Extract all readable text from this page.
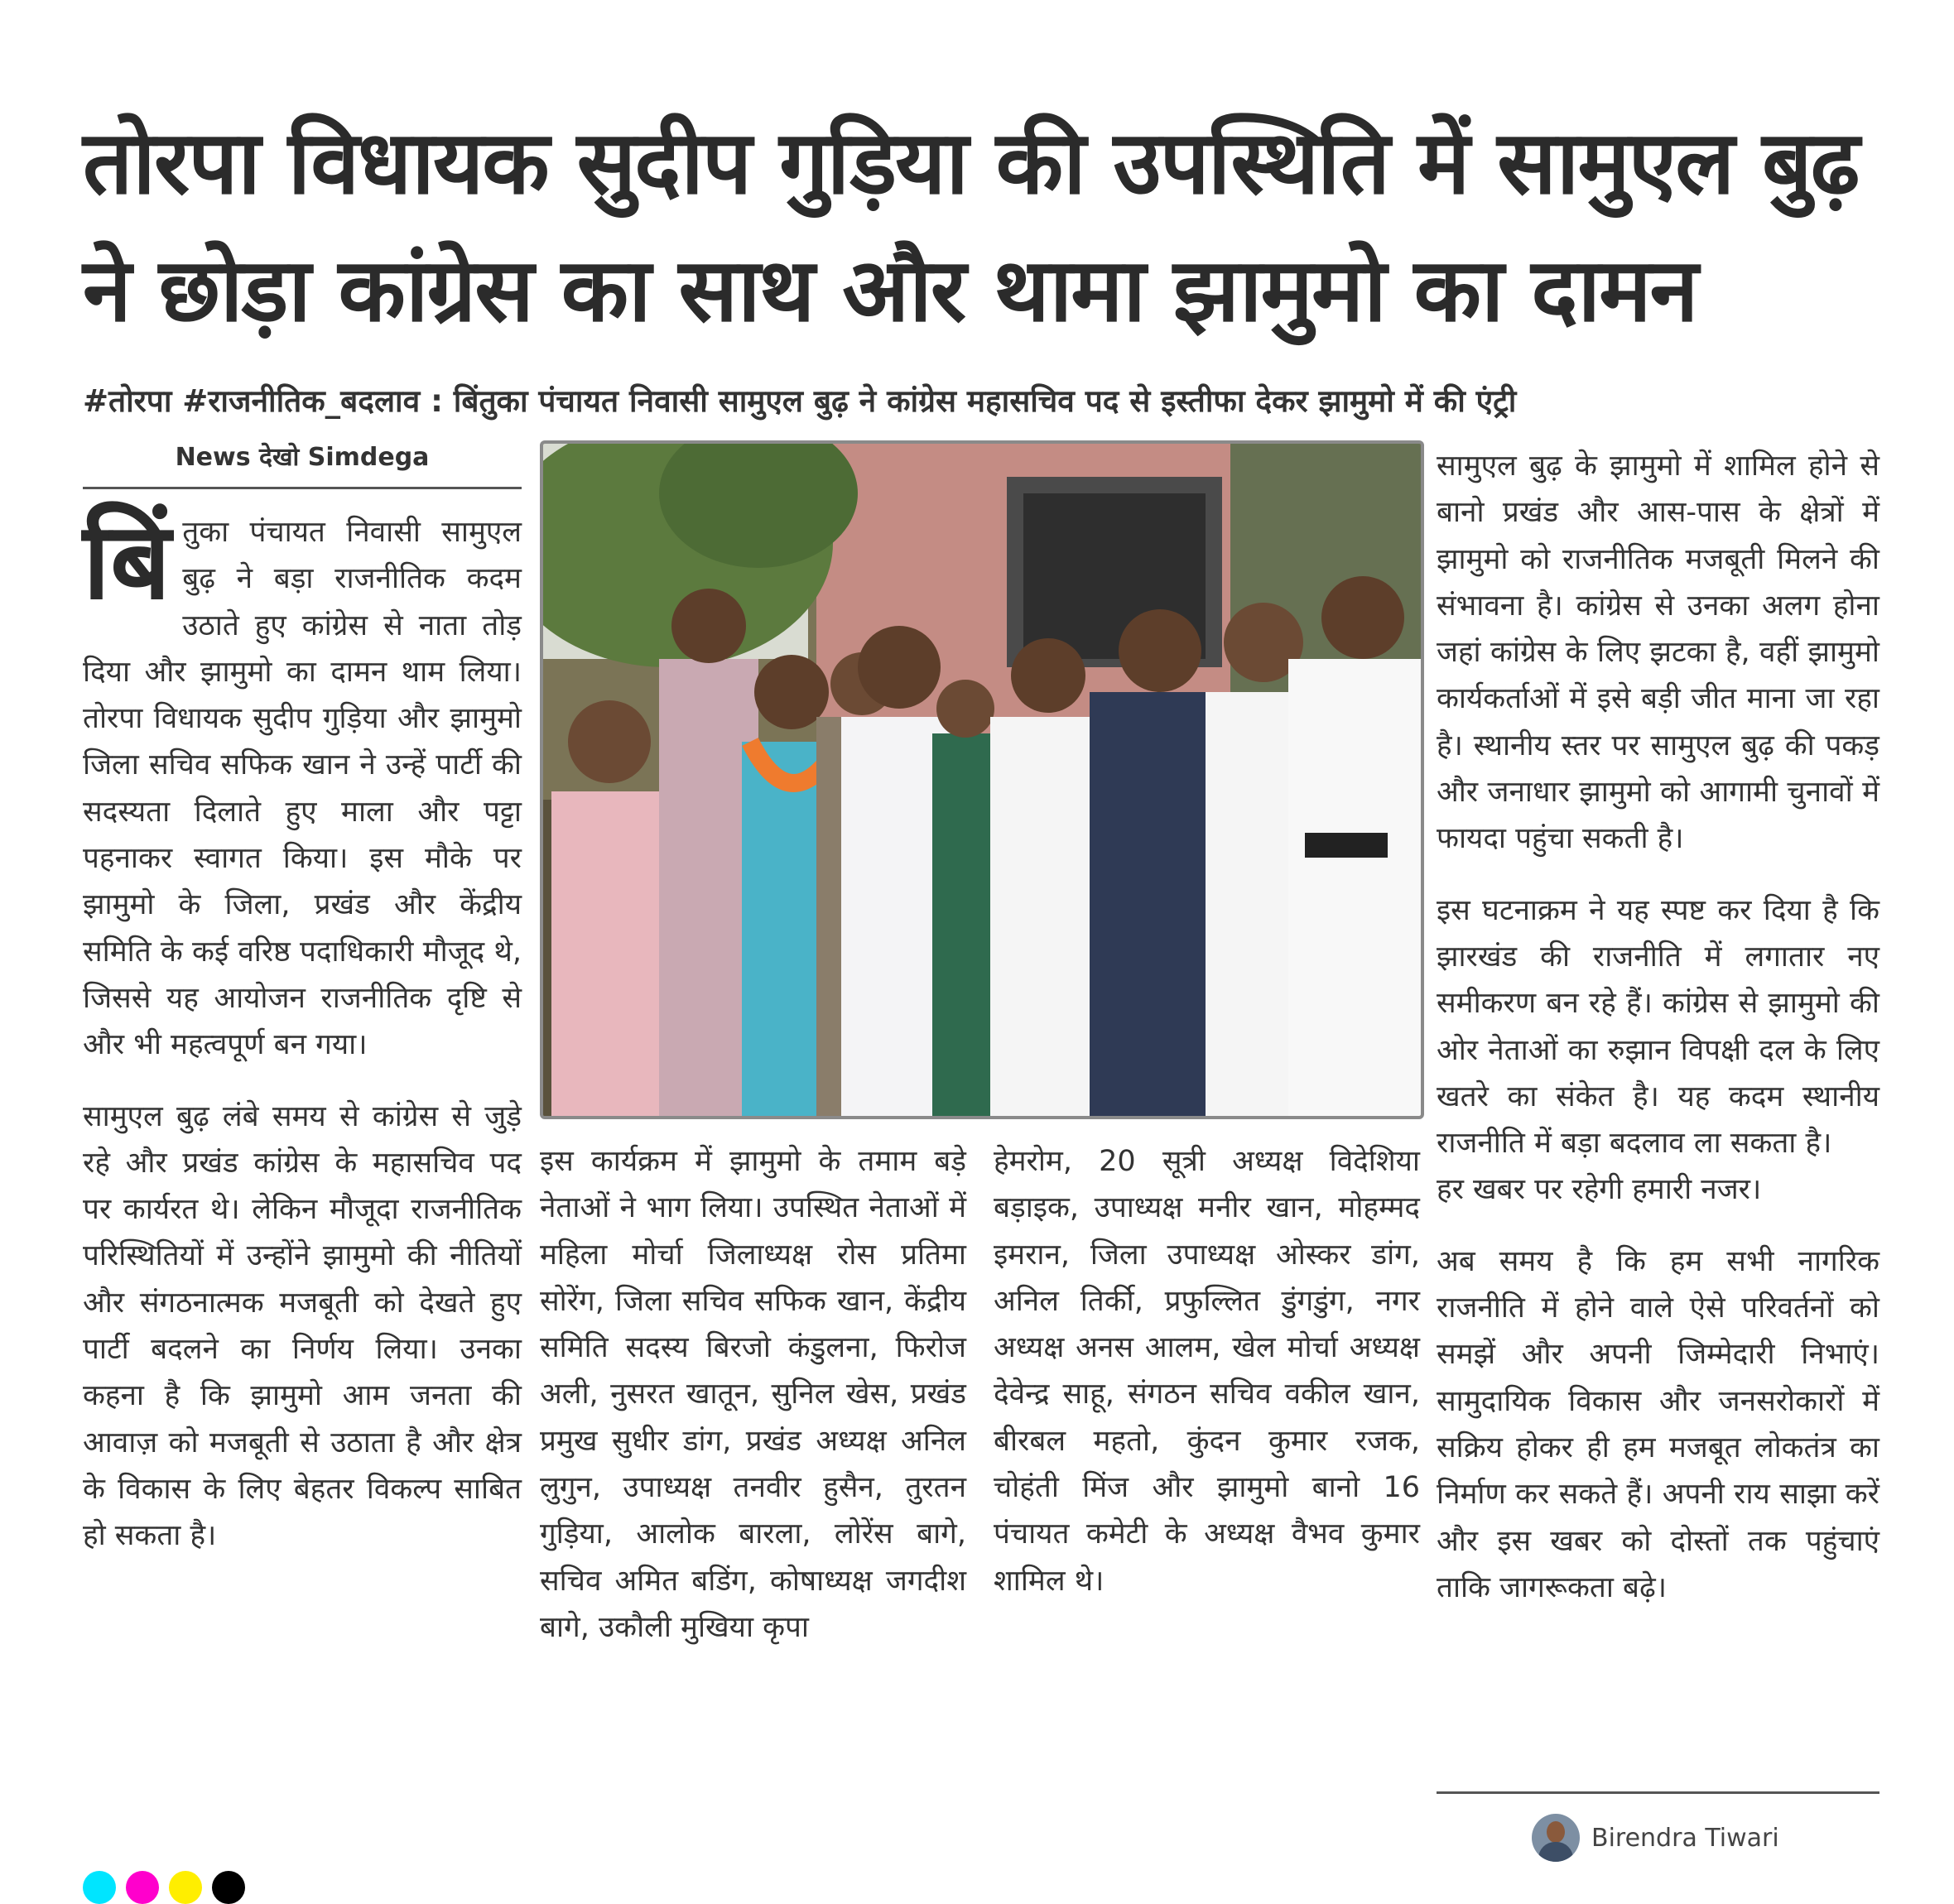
तोरपा विधायक सुदीप गुड़िया की उपस्थिति में सामुएल बुढ़
ने छोड़ा कांग्रेस का साथ और थामा झामुमो का दामन
#तोरपा #राजनीतिक_बदलाव : बिंतुका पंचायत निवासी सामुएल बुढ़ ने कांग्रेस महासचिव पद से इस्तीफा देकर झामुमो में की एंट्री
News देखो Simdega

बिं तुका पंचायत निवासी सामुएल बुढ़ ने बड़ा राजनीतिक कदम उठाते हुए कांग्रेस से नाता तोड़ दिया और झामुमो का दामन थाम लिया। तोरपा विधायक सुदीप गुड़िया और झामुमो जिला सचिव सफिक खान ने उन्हें पार्टी की सदस्यता दिलाते हुए माला और पट्टा पहनाकर स्वागत किया। इस मौके पर झामुमो के जिला, प्रखंड और केंद्रीय समिति के कई वरिष्ठ पदाधिकारी मौजूद थे, जिससे यह आयोजन राजनीतिक दृष्टि से और भी महत्वपूर्ण बन गया।

सामुएल बुढ़ लंबे समय से कांग्रेस से जुड़े रहे और प्रखंड कांग्रेस के महासचिव पद पर कार्यरत थे। लेकिन मौजूदा राजनीतिक परिस्थितियों में उन्होंने झामुमो की नीतियों और संगठनात्मक मजबूती को देखते हुए पार्टी बदलने का निर्णय लिया। उनका कहना है कि झामुमो आम जनता की आवाज़ को मजबूती से उठाता है और क्षेत्र के विकास के लिए बेहतर विकल्प साबित हो सकता है।

इस कार्यक्रम में झामुमो के तमाम बड़े नेताओं ने भाग लिया। उपस्थित नेताओं में महिला मोर्चा जिलाध्यक्ष रोस प्रतिमा सोरेंग, जिला सचिव सफिक खान, केंद्रीय समिति सदस्य बिरजो कंडुलना, फिरोज अली, नुसरत खातून, सुनिल खेस, प्रखंड प्रमुख सुधीर डांग, प्रखंड अध्यक्ष अनिल लुगुन, उपाध्यक्ष तनवीर हुसैन, तुरतन गुड़िया, आलोक बारला, लोरेंस बागे, सचिव अमित बडिंग, कोषाध्यक्ष जगदीश बागे, उकौली मुखिया कृपा

हेमरोम, 20 सूत्री अध्यक्ष विदेशिया बड़ाइक, उपाध्यक्ष मनीर खान, मोहम्मद इमरान, जिला उपाध्यक्ष ओस्कर डांग, अनिल तिर्की, प्रफुल्लित डुंगडुंग, नगर अध्यक्ष अनस आलम, खेल मोर्चा अध्यक्ष देवेन्द्र साहू, संगठन सचिव वकील खान, बीरबल महतो, कुंदन कुमार रजक, चोहंती मिंज और झामुमो बानो 16 पंचायत कमेटी के अध्यक्ष वैभव कुमार शामिल थे।

सामुएल बुढ़ के झामुमो में शामिल होने से बानो प्रखंड और आस-पास के क्षेत्रों में झामुमो को राजनीतिक मजबूती मिलने की संभावना है। कांग्रेस से उनका अलग होना जहां कांग्रेस के लिए झटका है, वहीं झामुमो कार्यकर्ताओं में इसे बड़ी जीत माना जा रहा है। स्थानीय स्तर पर सामुएल बुढ़ की पकड़ और जनाधार झामुमो को आगामी चुनावों में फायदा पहुंचा सकती है।

इस घटनाक्रम ने यह स्पष्ट कर दिया है कि झारखंड की राजनीति में लगातार नए समीकरण बन रहे हैं। कांग्रेस से झामुमो की ओर नेताओं का रुझान विपक्षी दल के लिए खतरे का संकेत है। यह कदम स्थानीय राजनीति में बड़ा बदलाव ला सकता है।

हर खबर पर रहेगी हमारी नजर।

अब समय है कि हम सभी नागरिक राजनीति में होने वाले ऐसे परिवर्तनों को समझें और अपनी जिम्मेदारी निभाएं। सामुदायिक विकास और जनसरोकारों में सक्रिय होकर ही हम मजबूत लोकतंत्र का निर्माण कर सकते हैं। अपनी राय साझा करें और इस खबर को दोस्तों तक पहुंचाएं ताकि जागरूकता बढ़े।

Birendra Tiwari
